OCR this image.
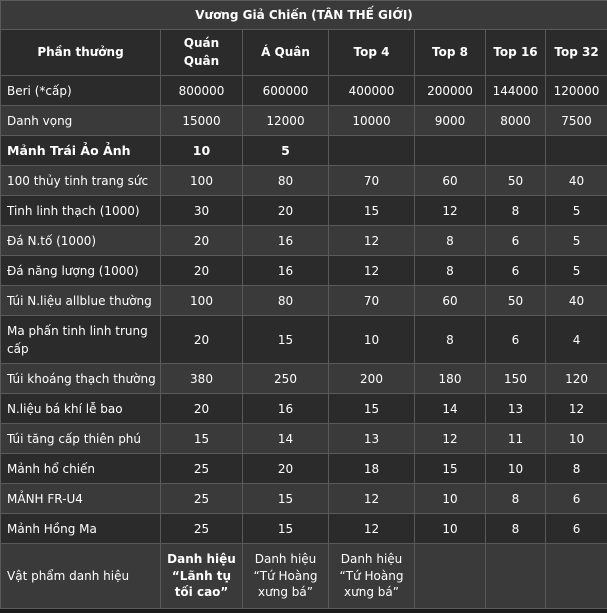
Vương Giả Chiến (TÂN THẾ GIỚI)						
Phần thưởng	Quán Quân	Á Quân	Top 4	Top 8	Top 16	Top 32
Beri (*cấp)	800000	600000	400000	200000	144000	120000
Danh vọng	15000	12000	10000	9000	8000	7500
Mảnh Trái Ảo Ảnh	10	5				
100 thủy tinh trang sức	100	80	70	60	50	40
Tinh linh thạch (1000)	30	20	15	12	8	5
Đá N.tố (1000)	20	16	12	8	6	5
Đá năng lượng (1000)	20	16	12	8	6	5
Túi N.liệu allblue thường	100	80	70	60	50	40
Ma phấn tinh linh trung cấp	20	15	10	8	6	4
Túi khoáng thạch thường	380	250	200	180	150	120
N.liệu bá khí lễ bao	20	16	15	14	13	12
Túi tăng cấp thiên phú	15	14	13	12	11	10
Mảnh hổ chiến	25	20	18	15	10	8
MẢNH FR-U4	25	15	12	10	8	6
Mảnh Hồng Ma	25	15	12	10	8	6
Vật phẩm danh hiệu	Danh hiệu “Lãnh tụ tối cao”	Danh hiệu “Tứ Hoàng xưng bá”	Danh hiệu “Tứ Hoàng xưng bá”			
